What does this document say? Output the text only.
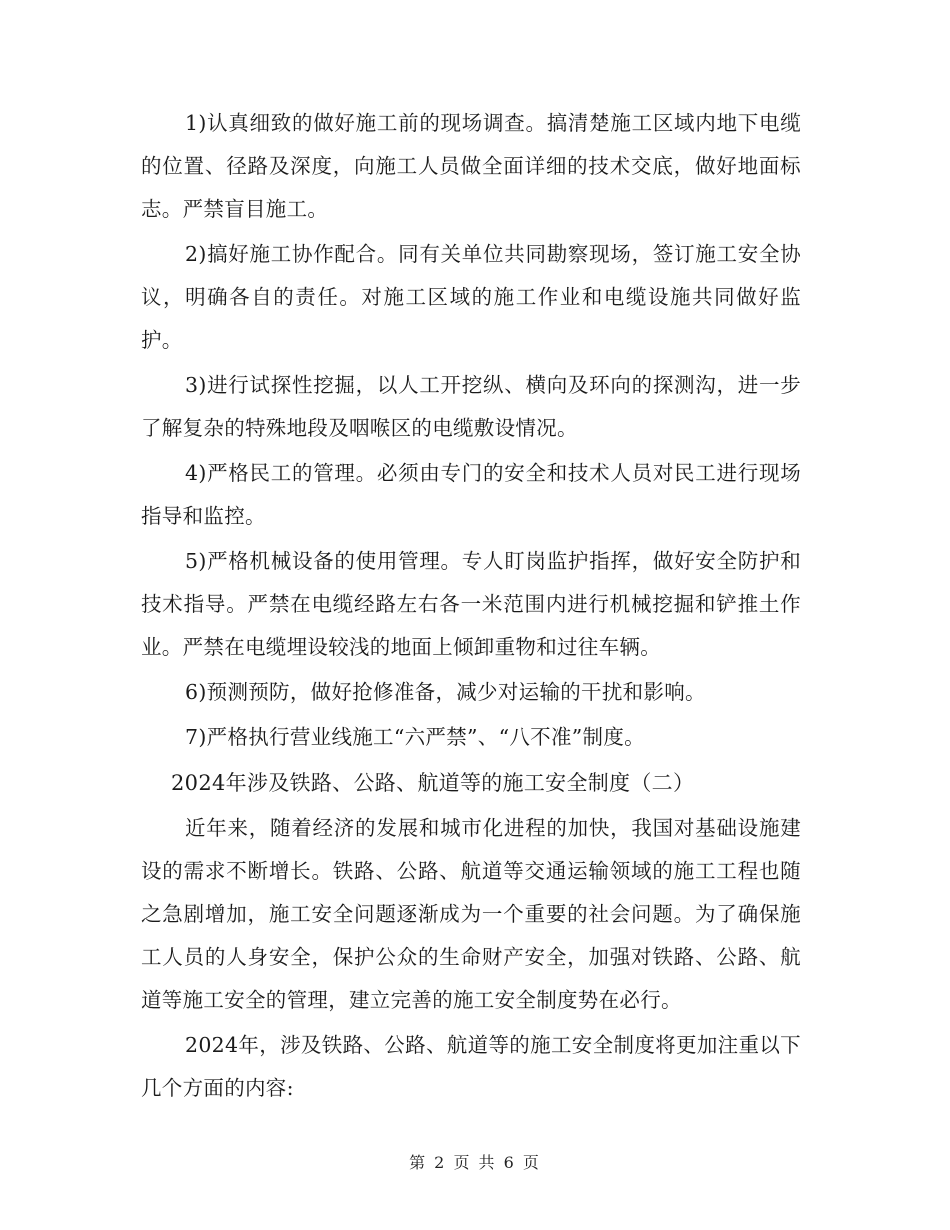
1)认真细致的做好施工前的现场调查。搞清楚施工区域内地下电缆的位置、径路及深度，向施工人员做全面详细的技术交底，做好地面标志。严禁盲目施工。

2)搞好施工协作配合。同有关单位共同勘察现场，签订施工安全协议，明确各自的责任。对施工区域的施工作业和电缆设施共同做好监护。

3)进行试探性挖掘，以人工开挖纵、横向及环向的探测沟，进一步了解复杂的特殊地段及咽喉区的电缆敷设情况。

4)严格民工的管理。必须由专门的安全和技术人员对民工进行现场指导和监控。

5)严格机械设备的使用管理。专人盯岗监护指挥，做好安全防护和技术指导。严禁在电缆经路左右各一米范围内进行机械挖掘和铲推土作业。严禁在电缆埋设较浅的地面上倾卸重物和过往车辆。

6)预测预防，做好抢修准备，减少对运输的干扰和影响。

7)严格执行营业线施工“六严禁”、“八不准”制度。

2024年涉及铁路、公路、航道等的施工安全制度（二）

近年来，随着经济的发展和城市化进程的加快，我国对基础设施建设的需求不断增长。铁路、公路、航道等交通运输领域的施工工程也随之急剧增加，施工安全问题逐渐成为一个重要的社会问题。为了确保施工人员的人身安全，保护公众的生命财产安全，加强对铁路、公路、航道等施工安全的管理，建立完善的施工安全制度势在必行。

2024年，涉及铁路、公路、航道等的施工安全制度将更加注重以下几个方面的内容:

第 2 页 共 6 页
